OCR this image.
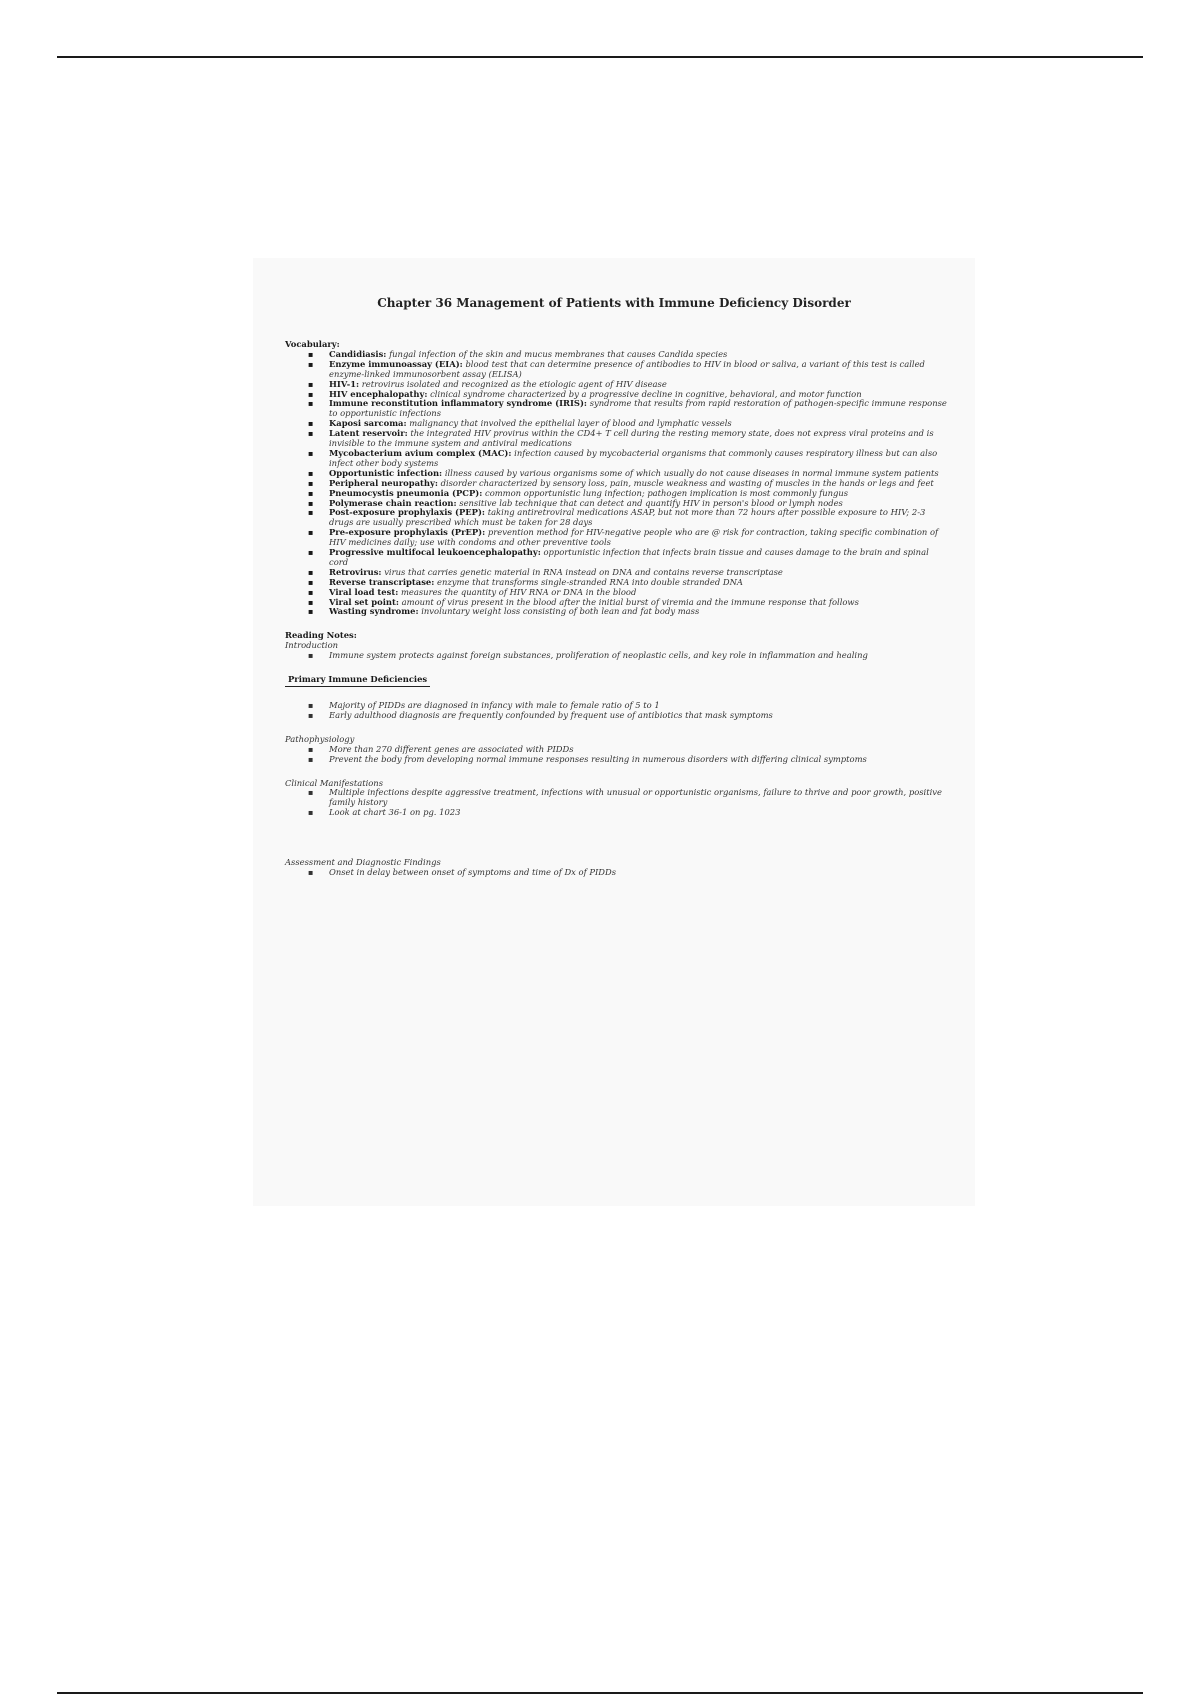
Chapter 36 Management of Patients with Immune Deficiency Disorder

Vocabulary:

▪ Candidiasis: fungal infection of the skin and mucus membranes that causes Candida species
▪ Enzyme immunoassay (EIA): blood test that can determine presence of antibodies to HIV in blood or saliva, a variant of this test is called enzyme-linked immunosorbent assay (ELISA)
▪ HIV-1: retrovirus isolated and recognized as the etiologic agent of HIV disease
▪ HIV encephalopathy: clinical syndrome characterized by a progressive decline in cognitive, behavioral, and motor function
▪ Immune reconstitution inflammatory syndrome (IRIS): syndrome that results from rapid restoration of pathogen-specific immune response to opportunistic infections
▪ Kaposi sarcoma: malignancy that involved the epithelial layer of blood and lymphatic vessels
▪ Latent reservoir: the integrated HIV provirus within the CD4+ T cell during the resting memory state, does not express viral proteins and is invisible to the immune system and antiviral medications
▪ Mycobacterium avium complex (MAC): infection caused by mycobacterial organisms that commonly causes respiratory illness but can also infect other body systems
▪ Opportunistic infection: illness caused by various organisms some of which usually do not cause diseases in normal immune system patients
▪ Peripheral neuropathy: disorder characterized by sensory loss, pain, muscle weakness and wasting of muscles in the hands or legs and feet
▪ Pneumocystis pneumonia (PCP): common opportunistic lung infection; pathogen implication is most commonly fungus
▪ Polymerase chain reaction: sensitive lab technique that can detect and quantify HIV in person's blood or lymph nodes
▪ Post-exposure prophylaxis (PEP): taking antiretroviral medications ASAP, but not more than 72 hours after possible exposure to HIV; 2-3 drugs are usually prescribed which must be taken for 28 days
▪ Pre-exposure prophylaxis (PrEP): prevention method for HIV-negative people who are @ risk for contraction, taking specific combination of HIV medicines daily; use with condoms and other preventive tools
▪ Progressive multifocal leukoencephalopathy: opportunistic infection that infects brain tissue and causes damage to the brain and spinal cord
▪ Retrovirus: virus that carries genetic material in RNA instead on DNA and contains reverse transcriptase
▪ Reverse transcriptase: enzyme that transforms single-stranded RNA into double stranded DNA
▪ Viral load test: measures the quantity of HIV RNA or DNA in the blood
▪ Viral set point: amount of virus present in the blood after the initial burst of viremia and the immune response that follows
▪ Wasting syndrome: involuntary weight loss consisting of both lean and fat body mass

Reading Notes:

Introduction

▪ Immune system protects against foreign substances, proliferation of neoplastic cells, and key role in inflammation and healing

Primary Immune Deficiencies

▪ Majority of PIDDs are diagnosed in infancy with male to female ratio of 5 to 1
▪ Early adulthood diagnosis are frequently confounded by frequent use of antibiotics that mask symptoms

Pathophysiology

▪ More than 270 different genes are associated with PIDDs
▪ Prevent the body from developing normal immune responses resulting in numerous disorders with differing clinical symptoms

Clinical Manifestations

▪ Multiple infections despite aggressive treatment, infections with unusual or opportunistic organisms, failure to thrive and poor growth, positive family history
▪ Look at chart 36-1 on pg. 1023

Assessment and Diagnostic Findings

▪ Onset in delay between onset of symptoms and time of Dx of PIDDs
